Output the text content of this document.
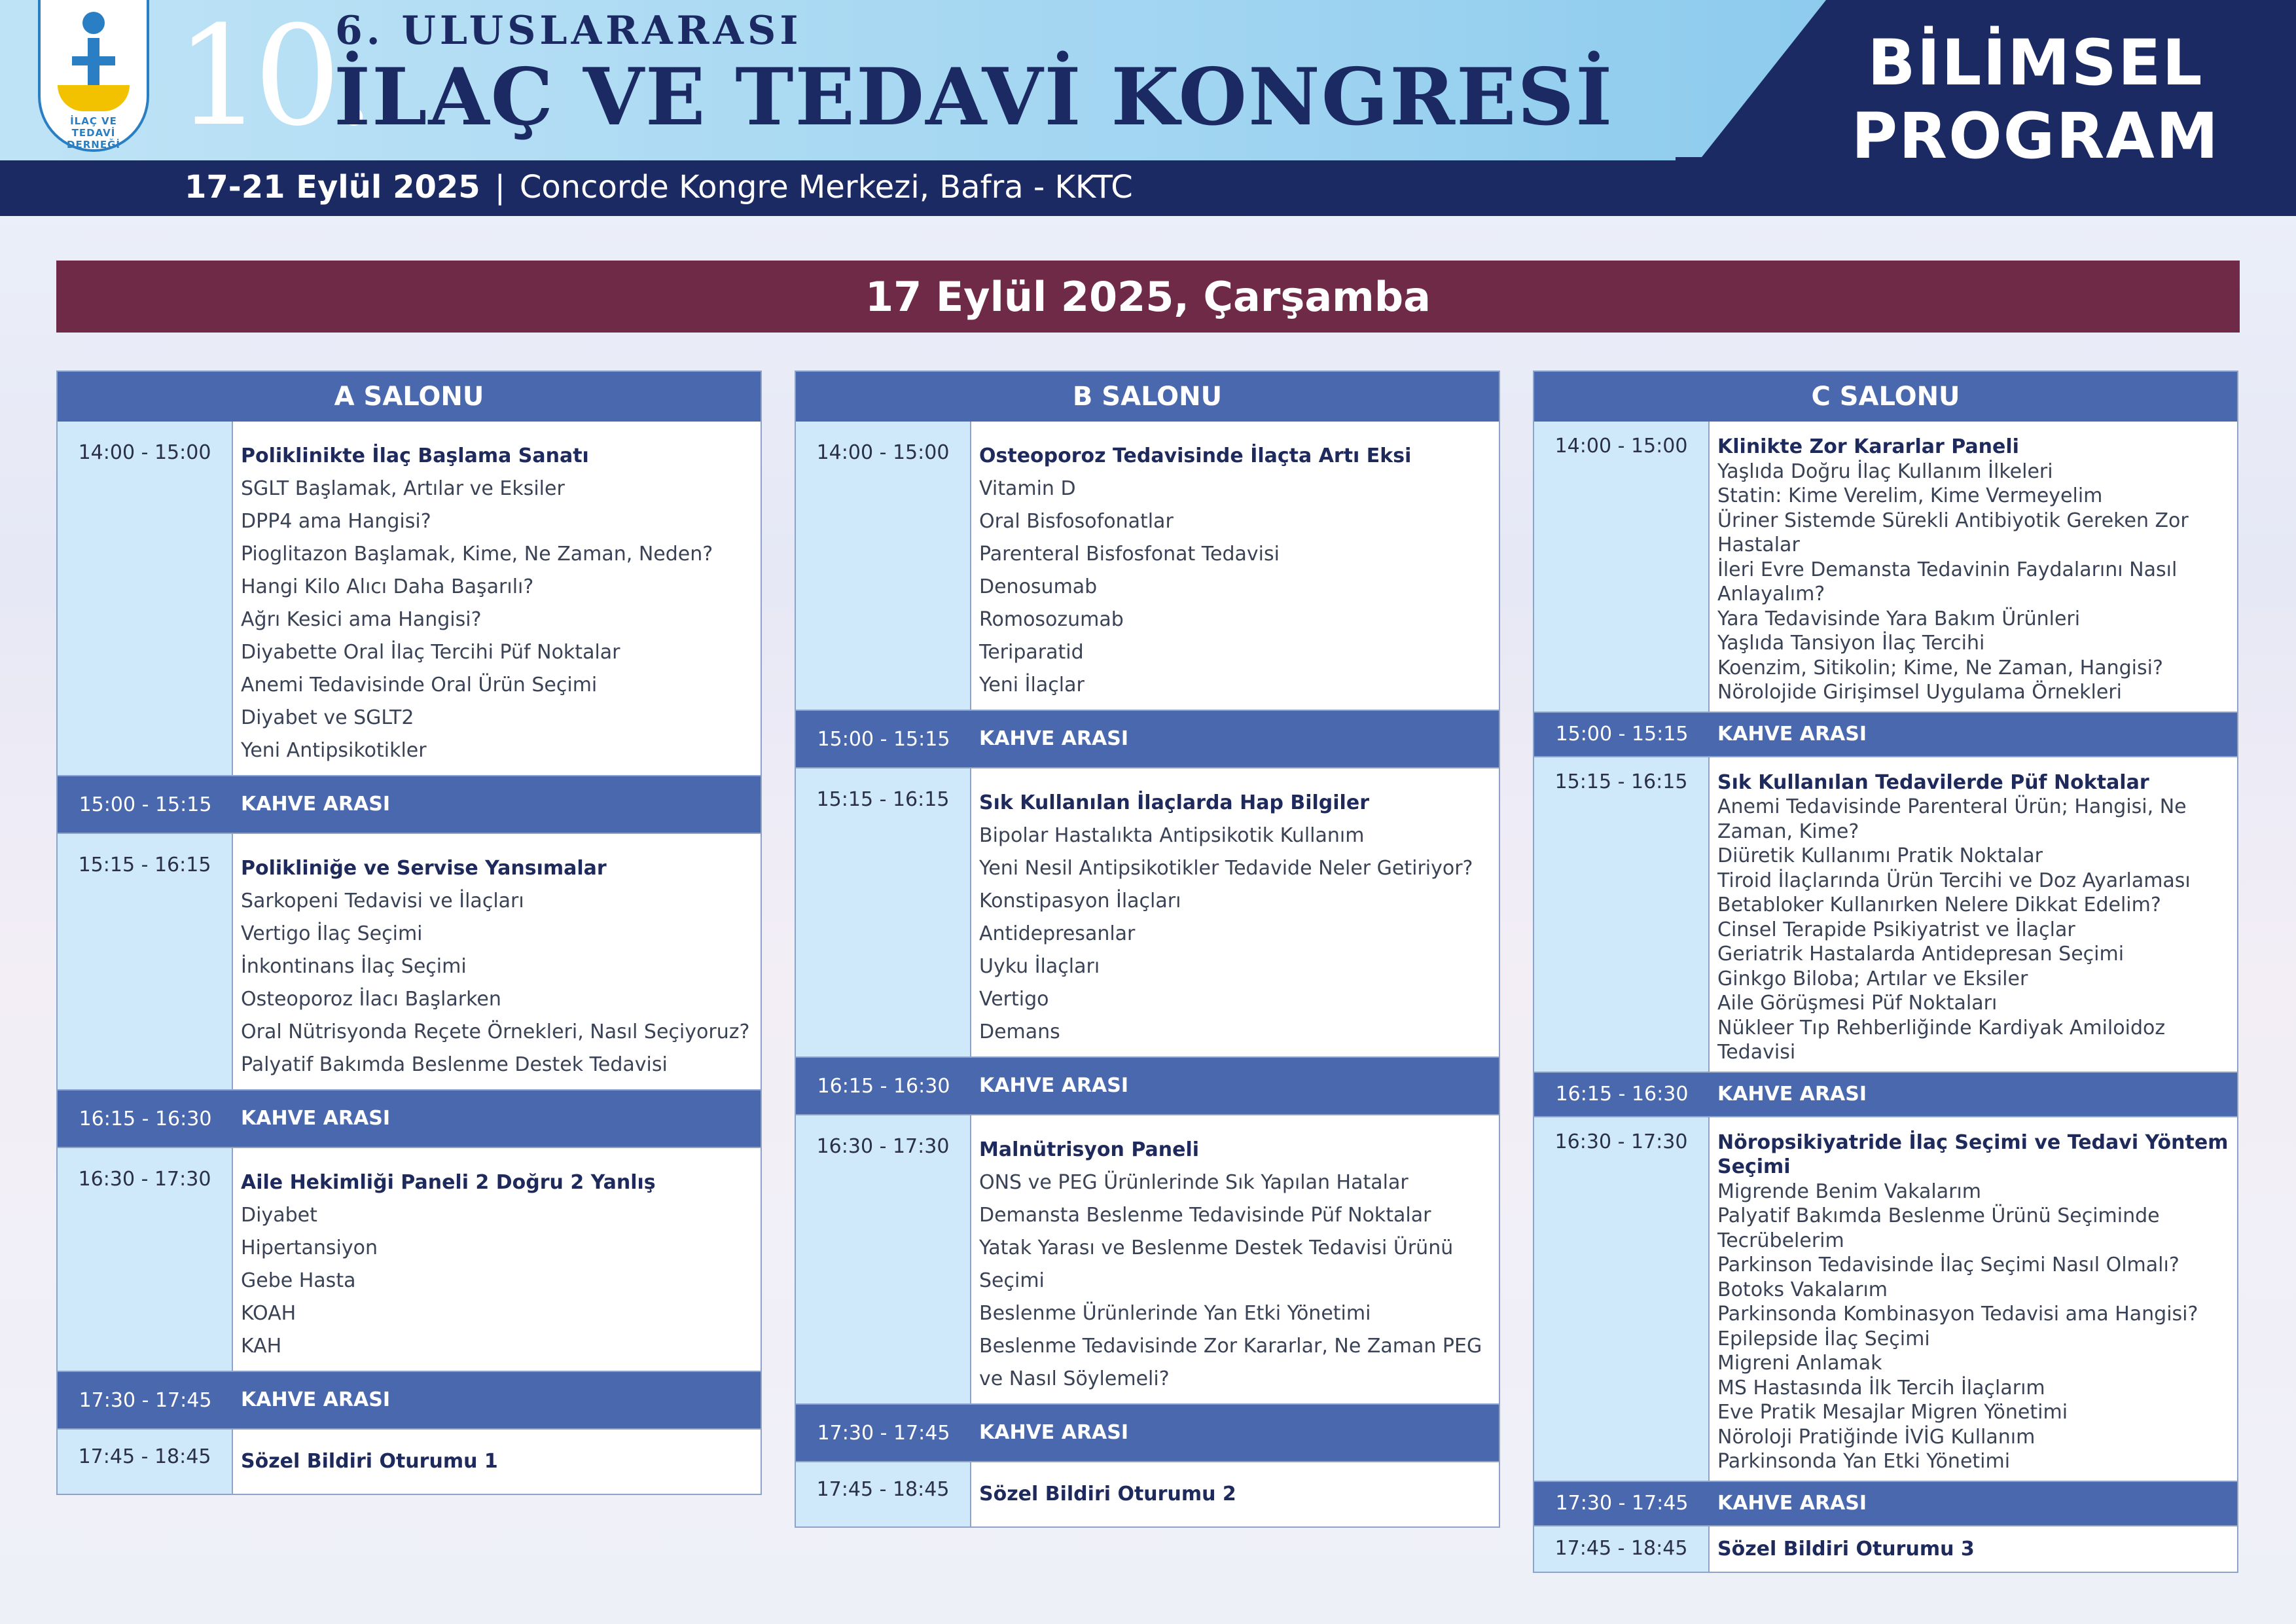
İLAÇ VE TEDAVİ DERNEĞİ 10.
6. ULUSLARARASI
İLAÇ VE TEDAVİ KONGRESİ
17-21 Eylül 2025 | Concorde Kongre Merkezi, Bafra - KKTC
BİLİMSEL
PROGRAM
17 Eylül 2025, Çarşamba
A SALONU
14:00 - 15:00	Poliklinikte İlaç Başlama Sanatı
SGLT Başlamak, Artılar ve Eksiler
DPP4 ama Hangisi?
Pioglitazon Başlamak, Kime, Ne Zaman, Neden?
Hangi Kilo Alıcı Daha Başarılı?
Ağrı Kesici ama Hangisi?
Diyabette Oral İlaç Tercihi Püf Noktalar
Anemi Tedavisinde Oral Ürün Seçimi
Diyabet ve SGLT2
Yeni Antipsikotikler
15:00 - 15:15	KAHVE ARASI
15:15 - 16:15	Polikliniğe ve Servise Yansımalar
Sarkopeni Tedavisi ve İlaçları
Vertigo İlaç Seçimi
İnkontinans İlaç Seçimi
Osteoporoz İlacı Başlarken
Oral Nütrisyonda Reçete Örnekleri, Nasıl Seçiyoruz?
Palyatif Bakımda Beslenme Destek Tedavisi
16:15 - 16:30	KAHVE ARASI
16:30 - 17:30	Aile Hekimliği Paneli 2 Doğru 2 Yanlış
Diyabet
Hipertansiyon
Gebe Hasta
KOAH
KAH
17:30 - 17:45	KAHVE ARASI
17:45 - 18:45	Sözel Bildiri Oturumu 1
B SALONU
14:00 - 15:00	Osteoporoz Tedavisinde İlaçta Artı Eksi
Vitamin D
Oral Bisfosofonatlar
Parenteral Bisfosfonat Tedavisi
Denosumab
Romosozumab
Teriparatid
Yeni İlaçlar
15:00 - 15:15	KAHVE ARASI
15:15 - 16:15	Sık Kullanılan İlaçlarda Hap Bilgiler
Bipolar Hastalıkta Antipsikotik Kullanım
Yeni Nesil Antipsikotikler Tedavide Neler Getiriyor?
Konstipasyon İlaçları
Antidepresanlar
Uyku İlaçları
Vertigo
Demans
16:15 - 16:30	KAHVE ARASI
16:30 - 17:30	Malnütrisyon Paneli
ONS ve PEG Ürünlerinde Sık Yapılan Hatalar
Demansta Beslenme Tedavisinde Püf Noktalar
Yatak Yarası ve Beslenme Destek Tedavisi Ürünü Seçimi
Beslenme Ürünlerinde Yan Etki Yönetimi
Beslenme Tedavisinde Zor Kararlar, Ne Zaman PEG ve Nasıl Söylemeli?
17:30 - 17:45	KAHVE ARASI
17:45 - 18:45	Sözel Bildiri Oturumu 2
C SALONU
14:00 - 15:00	Klinikte Zor Kararlar Paneli
Yaşlıda Doğru İlaç Kullanım İlkeleri
Statin: Kime Verelim, Kime Vermeyelim
Üriner Sistemde Sürekli Antibiyotik Gereken Zor Hastalar
İleri Evre Demansta Tedavinin Faydalarını Nasıl Anlayalım?
Yara Tedavisinde Yara Bakım Ürünleri
Yaşlıda Tansiyon İlaç Tercihi
Koenzim, Sitikolin; Kime, Ne Zaman, Hangisi?
Nörolojide Girişimsel Uygulama Örnekleri
15:00 - 15:15	KAHVE ARASI
15:15 - 16:15	Sık Kullanılan Tedavilerde Püf Noktalar
Anemi Tedavisinde Parenteral Ürün; Hangisi, Ne Zaman, Kime?
Diüretik Kullanımı Pratik Noktalar
Tiroid İlaçlarında Ürün Tercihi ve Doz Ayarlaması
Betabloker Kullanırken Nelere Dikkat Edelim?
Cinsel Terapide Psikiyatrist ve İlaçlar
Geriatrik Hastalarda Antidepresan Seçimi
Ginkgo Biloba; Artılar ve Eksiler
Aile Görüşmesi Püf Noktaları
Nükleer Tıp Rehberliğinde Kardiyak Amiloidoz Tedavisi
16:15 - 16:30	KAHVE ARASI
16:30 - 17:30	Nöropsikiyatride İlaç Seçimi ve Tedavi Yöntem Seçimi
Migrende Benim Vakalarım
Palyatif Bakımda Beslenme Ürünü Seçiminde Tecrübelerim
Parkinson Tedavisinde İlaç Seçimi Nasıl Olmalı?
Botoks Vakalarım
Parkinsonda Kombinasyon Tedavisi ama Hangisi?
Epilepside İlaç Seçimi
Migreni Anlamak
MS Hastasında İlk Tercih İlaçlarım
Eve Pratik Mesajlar Migren Yönetimi
Nöroloji Pratiğinde İVİG Kullanım
Parkinsonda Yan Etki Yönetimi
17:30 - 17:45	KAHVE ARASI
17:45 - 18:45	Sözel Bildiri Oturumu 3
